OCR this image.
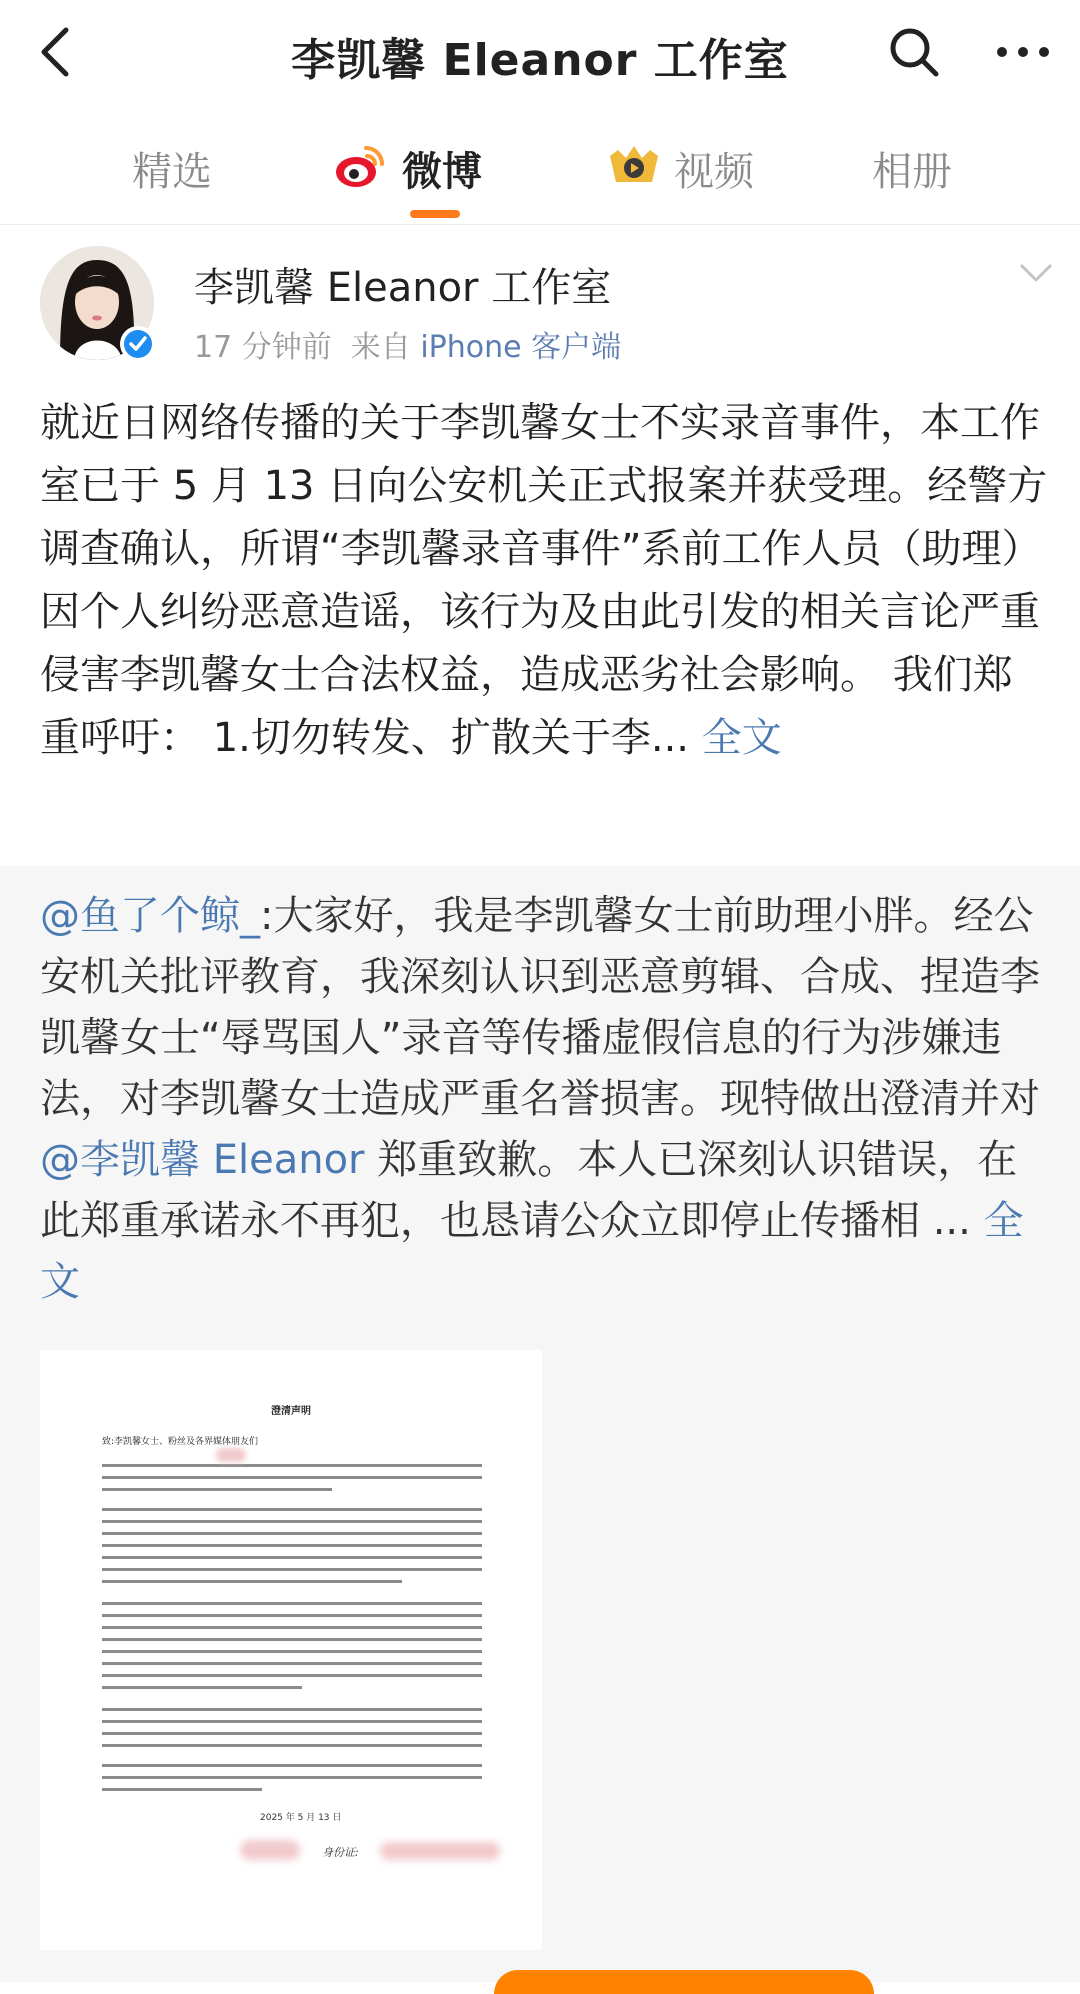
李凯馨 Eleanor 工作室
精选	微博	视频	相册
李凯馨 Eleanor 工作室
17 分钟前 来自 iPhone 客户端
就近日网络传播的关于李凯馨女士不实录音事件，本工作室已于 5 月 13 日向公安机关正式报案并获受理。经警方调查确认，所谓“李凯馨录音事件”系前工作人员（助理）因个人纠纷恶意造谣，该行为及由此引发的相关言论严重侵害李凯馨女士合法权益，造成恶劣社会影响。 我们郑重呼吁： 1.切勿转发、扩散关于李... 全文
@鱼了个鲸_:大家好，我是李凯馨女士前助理小胖。经公安机关批评教育，我深刻认识到恶意剪辑、合成、捏造李凯馨女士“辱骂国人”录音等传播虚假信息的行为涉嫌违法，对李凯馨女士造成严重名誉损害。现特做出澄清并对 @李凯馨 Eleanor 郑重致歉。本人已深刻认识错误，在此郑重承诺永不再犯，也恳请公众立即停止传播相 ... 全文
澄清声明
致:李凯馨女士、粉丝及各界媒体朋友们
2025 年 5 月 13 日
身份证:
